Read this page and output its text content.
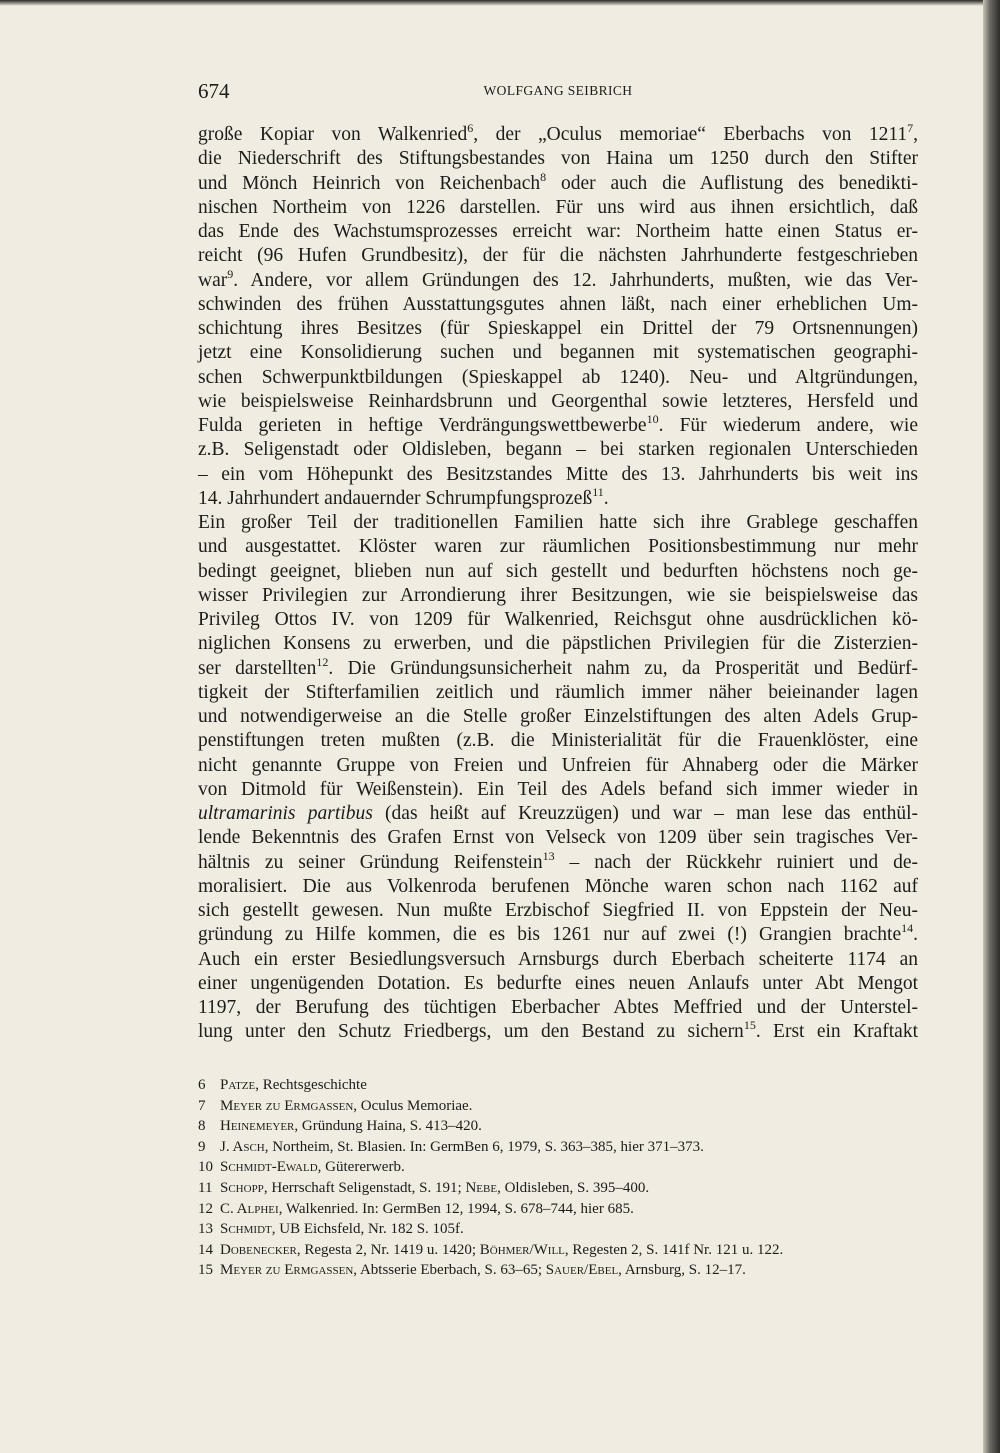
674	WOLFGANG SEIBRICH
große Kopiar von Walkenried$^6$, der „Oculus memoriae“ Eberbachs von 1211$^7$,
die Niederschrift des Stiftungsbestandes von Haina um 1250 durch den Stifter
und Mönch Heinrich von Reichenbach$^8$ oder auch die Auflistung des benedikti-
nischen Northeim von 1226 darstellen. Für uns wird aus ihnen ersichtlich, daß
das Ende des Wachstumsprozesses erreicht war: Northeim hatte einen Status er-
reicht (96 Hufen Grundbesitz), der für die nächsten Jahrhunderte festgeschrieben
war$^9$. Andere, vor allem Gründungen des 12. Jahrhunderts, mußten, wie das Ver-
schwinden des frühen Ausstattungsgutes ahnen läßt, nach einer erheblichen Um-
schichtung ihres Besitzes (für Spieskappel ein Drittel der 79 Ortsnennungen)
jetzt eine Konsolidierung suchen und begannen mit systematischen geographi-
schen Schwerpunktbildungen (Spieskappel ab 1240). Neu- und Altgründungen,
wie beispielsweise Reinhardsbrunn und Georgenthal sowie letzteres, Hersfeld und
Fulda gerieten in heftige Verdrängungswettbewerbe$^{10}$. Für wiederum andere, wie
z.B. Seligenstadt oder Oldisleben, begann – bei starken regionalen Unterschieden
– ein vom Höhepunkt des Besitzstandes Mitte des 13. Jahrhunderts bis weit ins
14. Jahrhundert andauernder Schrumpfungsprozeß$^{11}$.
Ein großer Teil der traditionellen Familien hatte sich ihre Grablege geschaffen
und ausgestattet. Klöster waren zur räumlichen Positionsbestimmung nur mehr
bedingt geeignet, blieben nun auf sich gestellt und bedurften höchstens noch ge-
wisser Privilegien zur Arrondierung ihrer Besitzungen, wie sie beispielsweise das
Privileg Ottos IV. von 1209 für Walkenried, Reichsgut ohne ausdrücklichen kö-
niglichen Konsens zu erwerben, und die päpstlichen Privilegien für die Zisterzien-
ser darstellten$^{12}$. Die Gründungsunsicherheit nahm zu, da Prosperität und Bedürf-
tigkeit der Stifterfamilien zeitlich und räumlich immer näher beieinander lagen
und notwendigerweise an die Stelle großer Einzelstiftungen des alten Adels Grup-
penstiftungen treten mußten (z.B. die Ministerialität für die Frauenklöster, eine
nicht genannte Gruppe von Freien und Unfreien für Ahnaberg oder die Märker
von Ditmold für Weißenstein). Ein Teil des Adels befand sich immer wieder in
ultramarinis partibus (das heißt auf Kreuzzügen) und war – man lese das enthül-
lende Bekenntnis des Grafen Ernst von Velseck von 1209 über sein tragisches Ver-
hältnis zu seiner Gründung Reifenstein$^{13}$ – nach der Rückkehr ruiniert und de-
moralisiert. Die aus Volkenroda berufenen Mönche waren schon nach 1162 auf
sich gestellt gewesen. Nun mußte Erzbischof Siegfried II. von Eppstein der Neu-
gründung zu Hilfe kommen, die es bis 1261 nur auf zwei (!) Grangien brachte$^{14}$.
Auch ein erster Besiedlungsversuch Arnsburgs durch Eberbach scheiterte 1174 an
einer ungenügenden Dotation. Es bedurfte eines neuen Anlaufs unter Abt Mengot
1197, der Berufung des tüchtigen Eberbacher Abtes Meffried und der Unterstel-
lung unter den Schutz Friedbergs, um den Bestand zu sichern$^{15}$. Erst ein Kraftakt
6 Patze, Rechtsgeschichte
7 Meyer zu Ermgassen, Oculus Memoriae.
8 Heinemeyer, Gründung Haina, S. 413–420.
9 J. Asch, Northeim, St. Blasien. In: GermBen 6, 1979, S. 363–385, hier 371–373.
10 Schmidt-Ewald, Gütererwerb.
11 Schopp, Herrschaft Seligenstadt, S. 191; Nebe, Oldisleben, S. 395–400.
12 C. Alphei, Walkenried. In: GermBen 12, 1994, S. 678–744, hier 685.
13 Schmidt, UB Eichsfeld, Nr. 182 S. 105f.
14 Dobenecker, Regesta 2, Nr. 1419 u. 1420; Böhmer/Will, Regesten 2, S. 141f Nr. 121 u. 122.
15 Meyer zu Ermgassen, Abtsserie Eberbach, S. 63–65; Sauer/Ebel, Arnsburg, S. 12–17.
